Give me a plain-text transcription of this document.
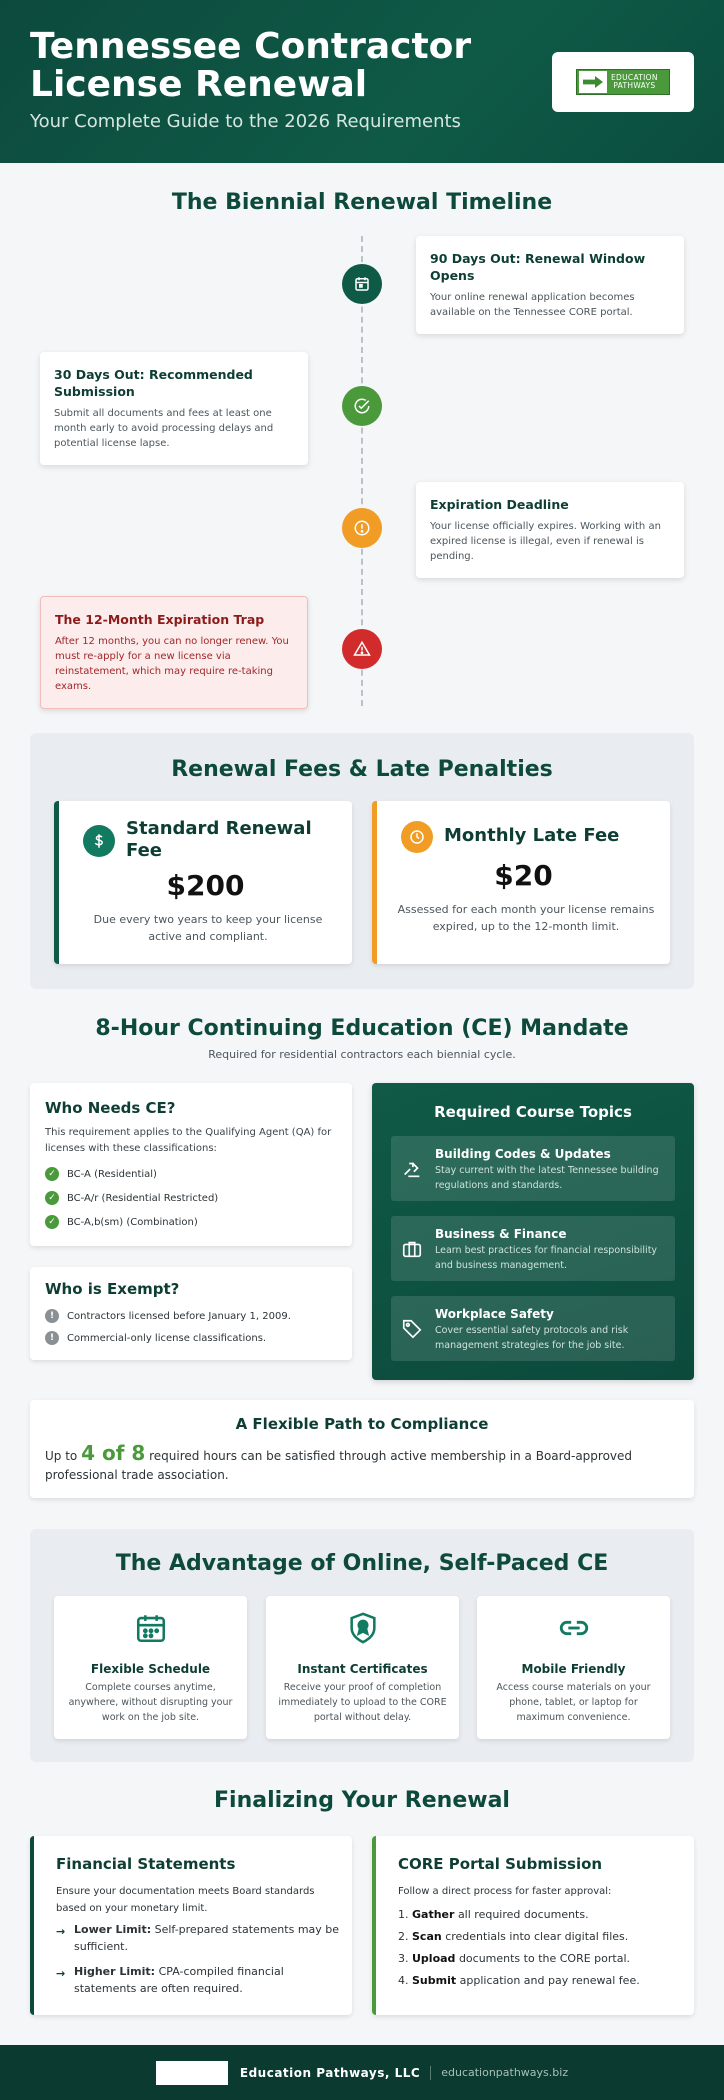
Tennessee Contractor License Renewal
Your Complete Guide to the 2026 Requirements
EDUCATION
PATHWAYS
The Biennial Renewal Timeline
90 Days Out: Renewal Window Opens

Your online renewal application becomes available on the Tennessee CORE portal.

30 Days Out: Recommended Submission

Submit all documents and fees at least one month early to avoid processing delays and potential license lapse.

Expiration Deadline

Your license officially expires. Working with an expired license is illegal, even if renewal is pending.

The 12-Month Expiration Trap

After 12 months, you can no longer renew. You must re-apply for a new license via reinstatement, which may require re-taking exams.

Renewal Fees & Late Penalties
Standard Renewal Fee
$200
Due every two years to keep your license active and compliant.
Monthly Late Fee
$20
Assessed for each month your license remains expired, up to the 12-month limit.
8-Hour Continuing Education (CE) Mandate
Required for residential contractors each biennial cycle.
Who Needs CE?
This requirement applies to the Qualifying Agent (QA) for licenses with these classifications:
✓	BC-A (Residential)
✓	BC-A/r (Residential Restricted)
✓	BC-A,b(sm) (Combination)
Who is Exempt?
!	Contractors licensed before January 1, 2009.
!	Commercial-only license classifications.
Required Course Topics
Building Codes & Updates

Stay current with the latest Tennessee building regulations and standards.

Business & Finance

Learn best practices for financial responsibility and business management.

Workplace Safety

Cover essential safety protocols and risk management strategies for the job site.

A Flexible Path to Compliance
Up to 4 of 8 required hours can be satisfied through active membership in a Board-approved professional trade association.
The Advantage of Online, Self-Paced CE
Flexible Schedule
Complete courses anytime, anywhere, without disrupting your work on the job site.
Instant Certificates
Receive your proof of completion immediately to upload to the CORE portal without delay.
Mobile Friendly
Access course materials on your phone, tablet, or laptop for maximum convenience.
Finalizing Your Renewal
Financial Statements
Ensure your documentation meets Board standards based on your monetary limit.
→ Lower Limit: Self-prepared statements may be sufficient.
→ Higher Limit: CPA-compiled financial statements are often required.
CORE Portal Submission
Follow a direct process for faster approval:
1. Gather all required documents.
2. Scan credentials into clear digital files.
3. Upload documents to the CORE portal.
4. Submit application and pay renewal fee.
Education Pathways, LLC educationpathways.biz
